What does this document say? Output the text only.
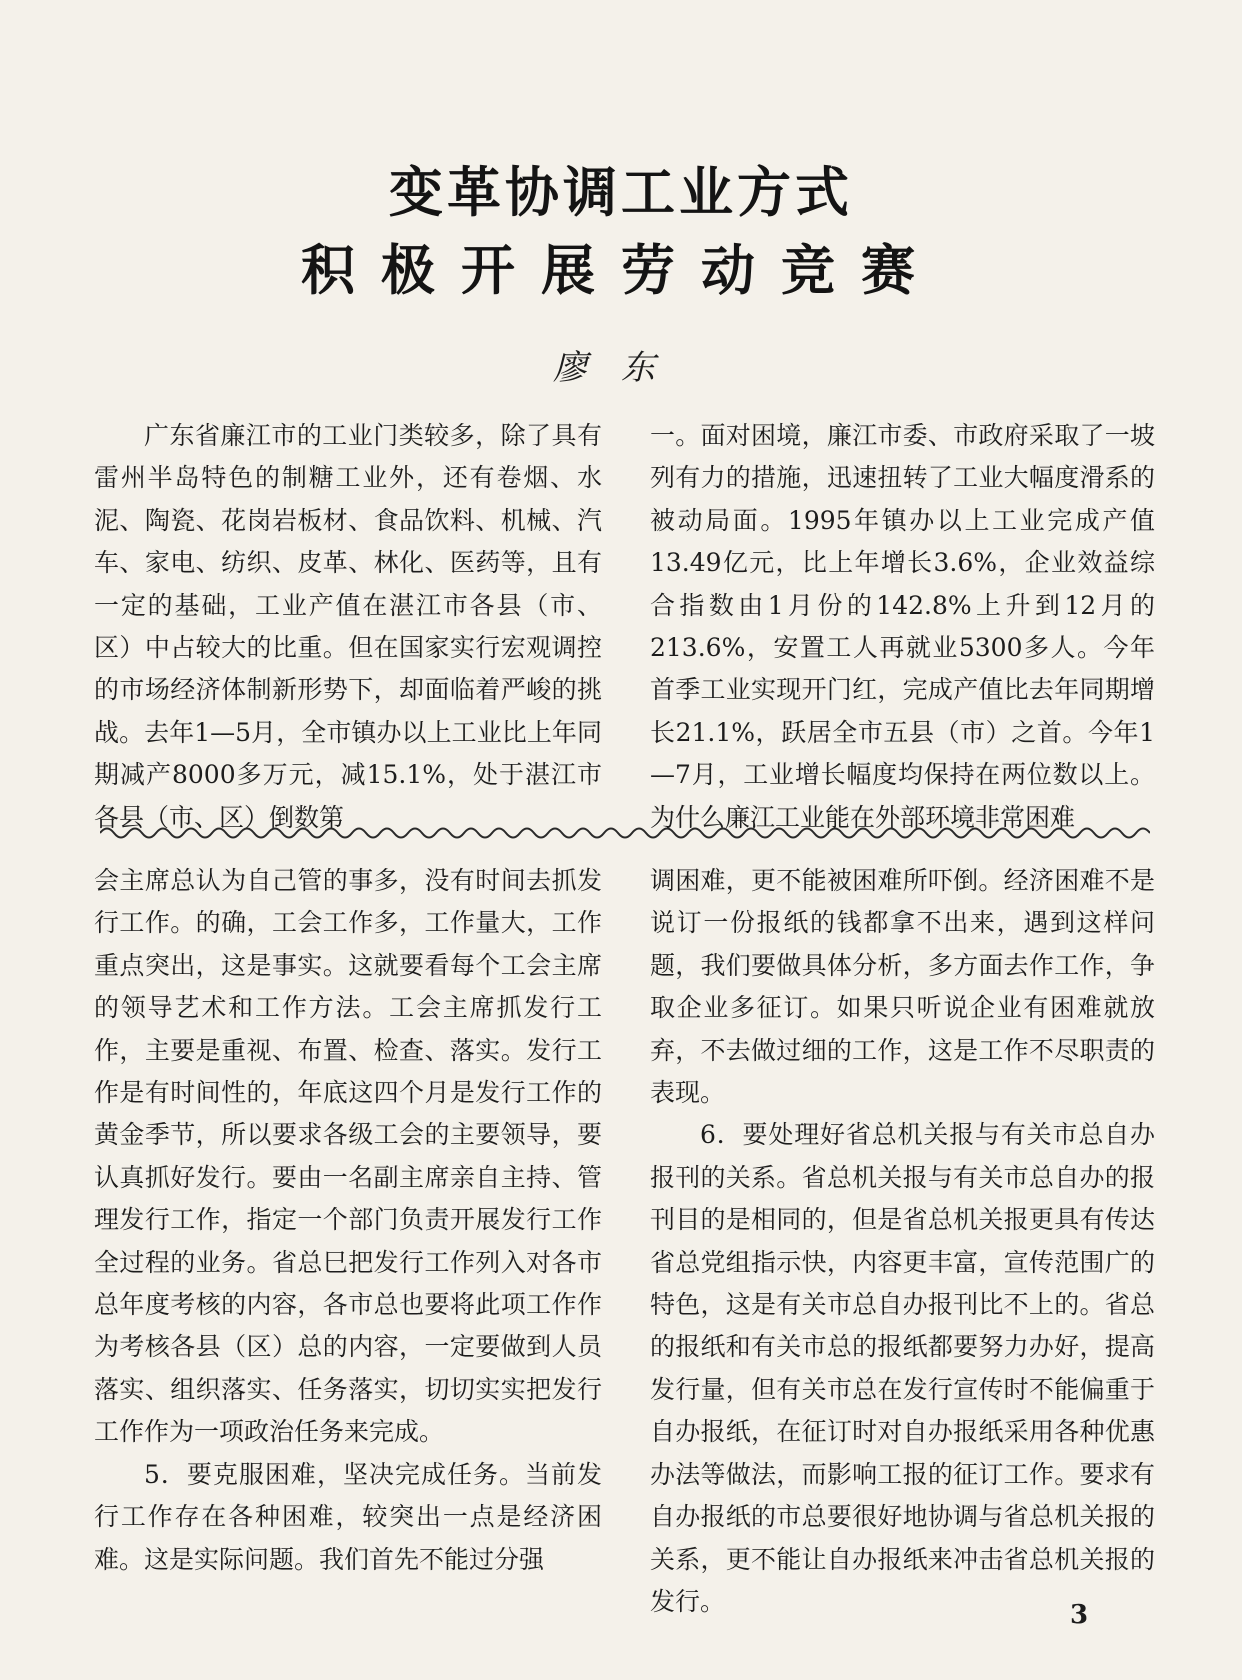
变革协调工业方式
积极开展劳动竞赛
廖东

广东省廉江市的工业门类较多，除了具有雷州半岛特色的制糖工业外，还有卷烟、水泥、陶瓷、花岗岩板材、食品饮料、机械、汽车、家电、纺织、皮革、林化、医药等，且有一定的基础，工业产值在湛江市各县（市、区）中占较大的比重。但在国家实行宏观调控的市场经济体制新形势下，却面临着严峻的挑战。去年1—5月，全市镇办以上工业比上年同期减产8000多万元，减15.1%，处于湛江市各县（市、区）倒数第

一。面对困境，廉江市委、市政府采取了一坡列有力的措施，迅速扭转了工业大幅度滑系的被动局面。1995年镇办以上工业完成产值13.49亿元，比上年增长3.6%，企业效益综合指数由1月份的142.8%上升到12月的213.6%，安置工人再就业5300多人。今年首季工业实现开门红，完成产值比去年同期增长21.1%，跃居全市五县（市）之首。今年1—7月，工业增长幅度均保持在两位数以上。为什么廉江工业能在外部环境非常困难

会主席总认为自己管的事多，没有时间去抓发行工作。的确，工会工作多，工作量大，工作重点突出，这是事实。这就要看每个工会主席的领导艺术和工作方法。工会主席抓发行工作，主要是重视、布置、检查、落实。发行工作是有时间性的，年底这四个月是发行工作的黄金季节，所以要求各级工会的主要领导，要认真抓好发行。要由一名副主席亲自主持、管理发行工作，指定一个部门负责开展发行工作全过程的业务。省总巳把发行工作列入对各市总年度考核的内容，各市总也要将此项工作作为考核各县（区）总的内容，一定要做到人员落实、组织落实、任务落实，切切实实把发行工作作为一项政治任务来完成。

5．要克服困难，坚决完成任务。当前发行工作存在各种困难，较突出一点是经济困难。这是实际问题。我们首先不能过分强

调困难，更不能被困难所吓倒。经济困难不是说订一份报纸的钱都拿不出来，遇到这样问题，我们要做具体分析，多方面去作工作，争取企业多征订。如果只听说企业有困难就放弃，不去做过细的工作，这是工作不尽职责的表现。

6．要处理好省总机关报与有关市总自办报刊的关系。省总机关报与有关市总自办的报刊目的是相同的，但是省总机关报更具有传达省总党组指示快，内容更丰富，宣传范围广的特色，这是有关市总自办报刊比不上的。省总的报纸和有关市总的报纸都要努力办好，提高发行量，但有关市总在发行宣传时不能偏重于自办报纸，在征订时对自办报纸采用各种优惠办法等做法，而影响工报的征订工作。要求有自办报纸的市总要很好地协调与省总机关报的关系，更不能让自办报纸来冲击省总机关报的发行。	3
